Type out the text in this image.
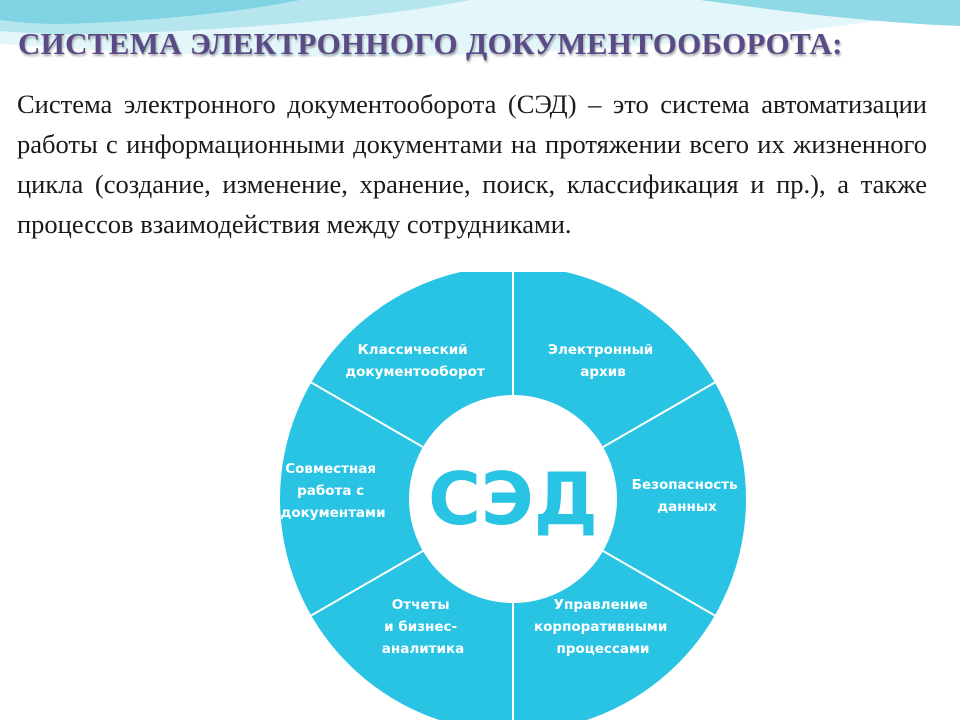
СИСТЕМА ЭЛЕКТРОННОГО ДОКУМЕНТООБОРОТА:

Система электронного документооборота (СЭД) – это система автоматизации работы с информационными документами на протяжении всего их жизненного цикла (создание, изменение, хранение, поиск, классификация и пр.), а также процессов взаимодействия между сотрудниками.

СЭД
Классический документооборот
Электронный архив
Безопасность данных
Управление корпоративными процессами
Отчеты и бизнес- аналитика
Совместная работа с документами
